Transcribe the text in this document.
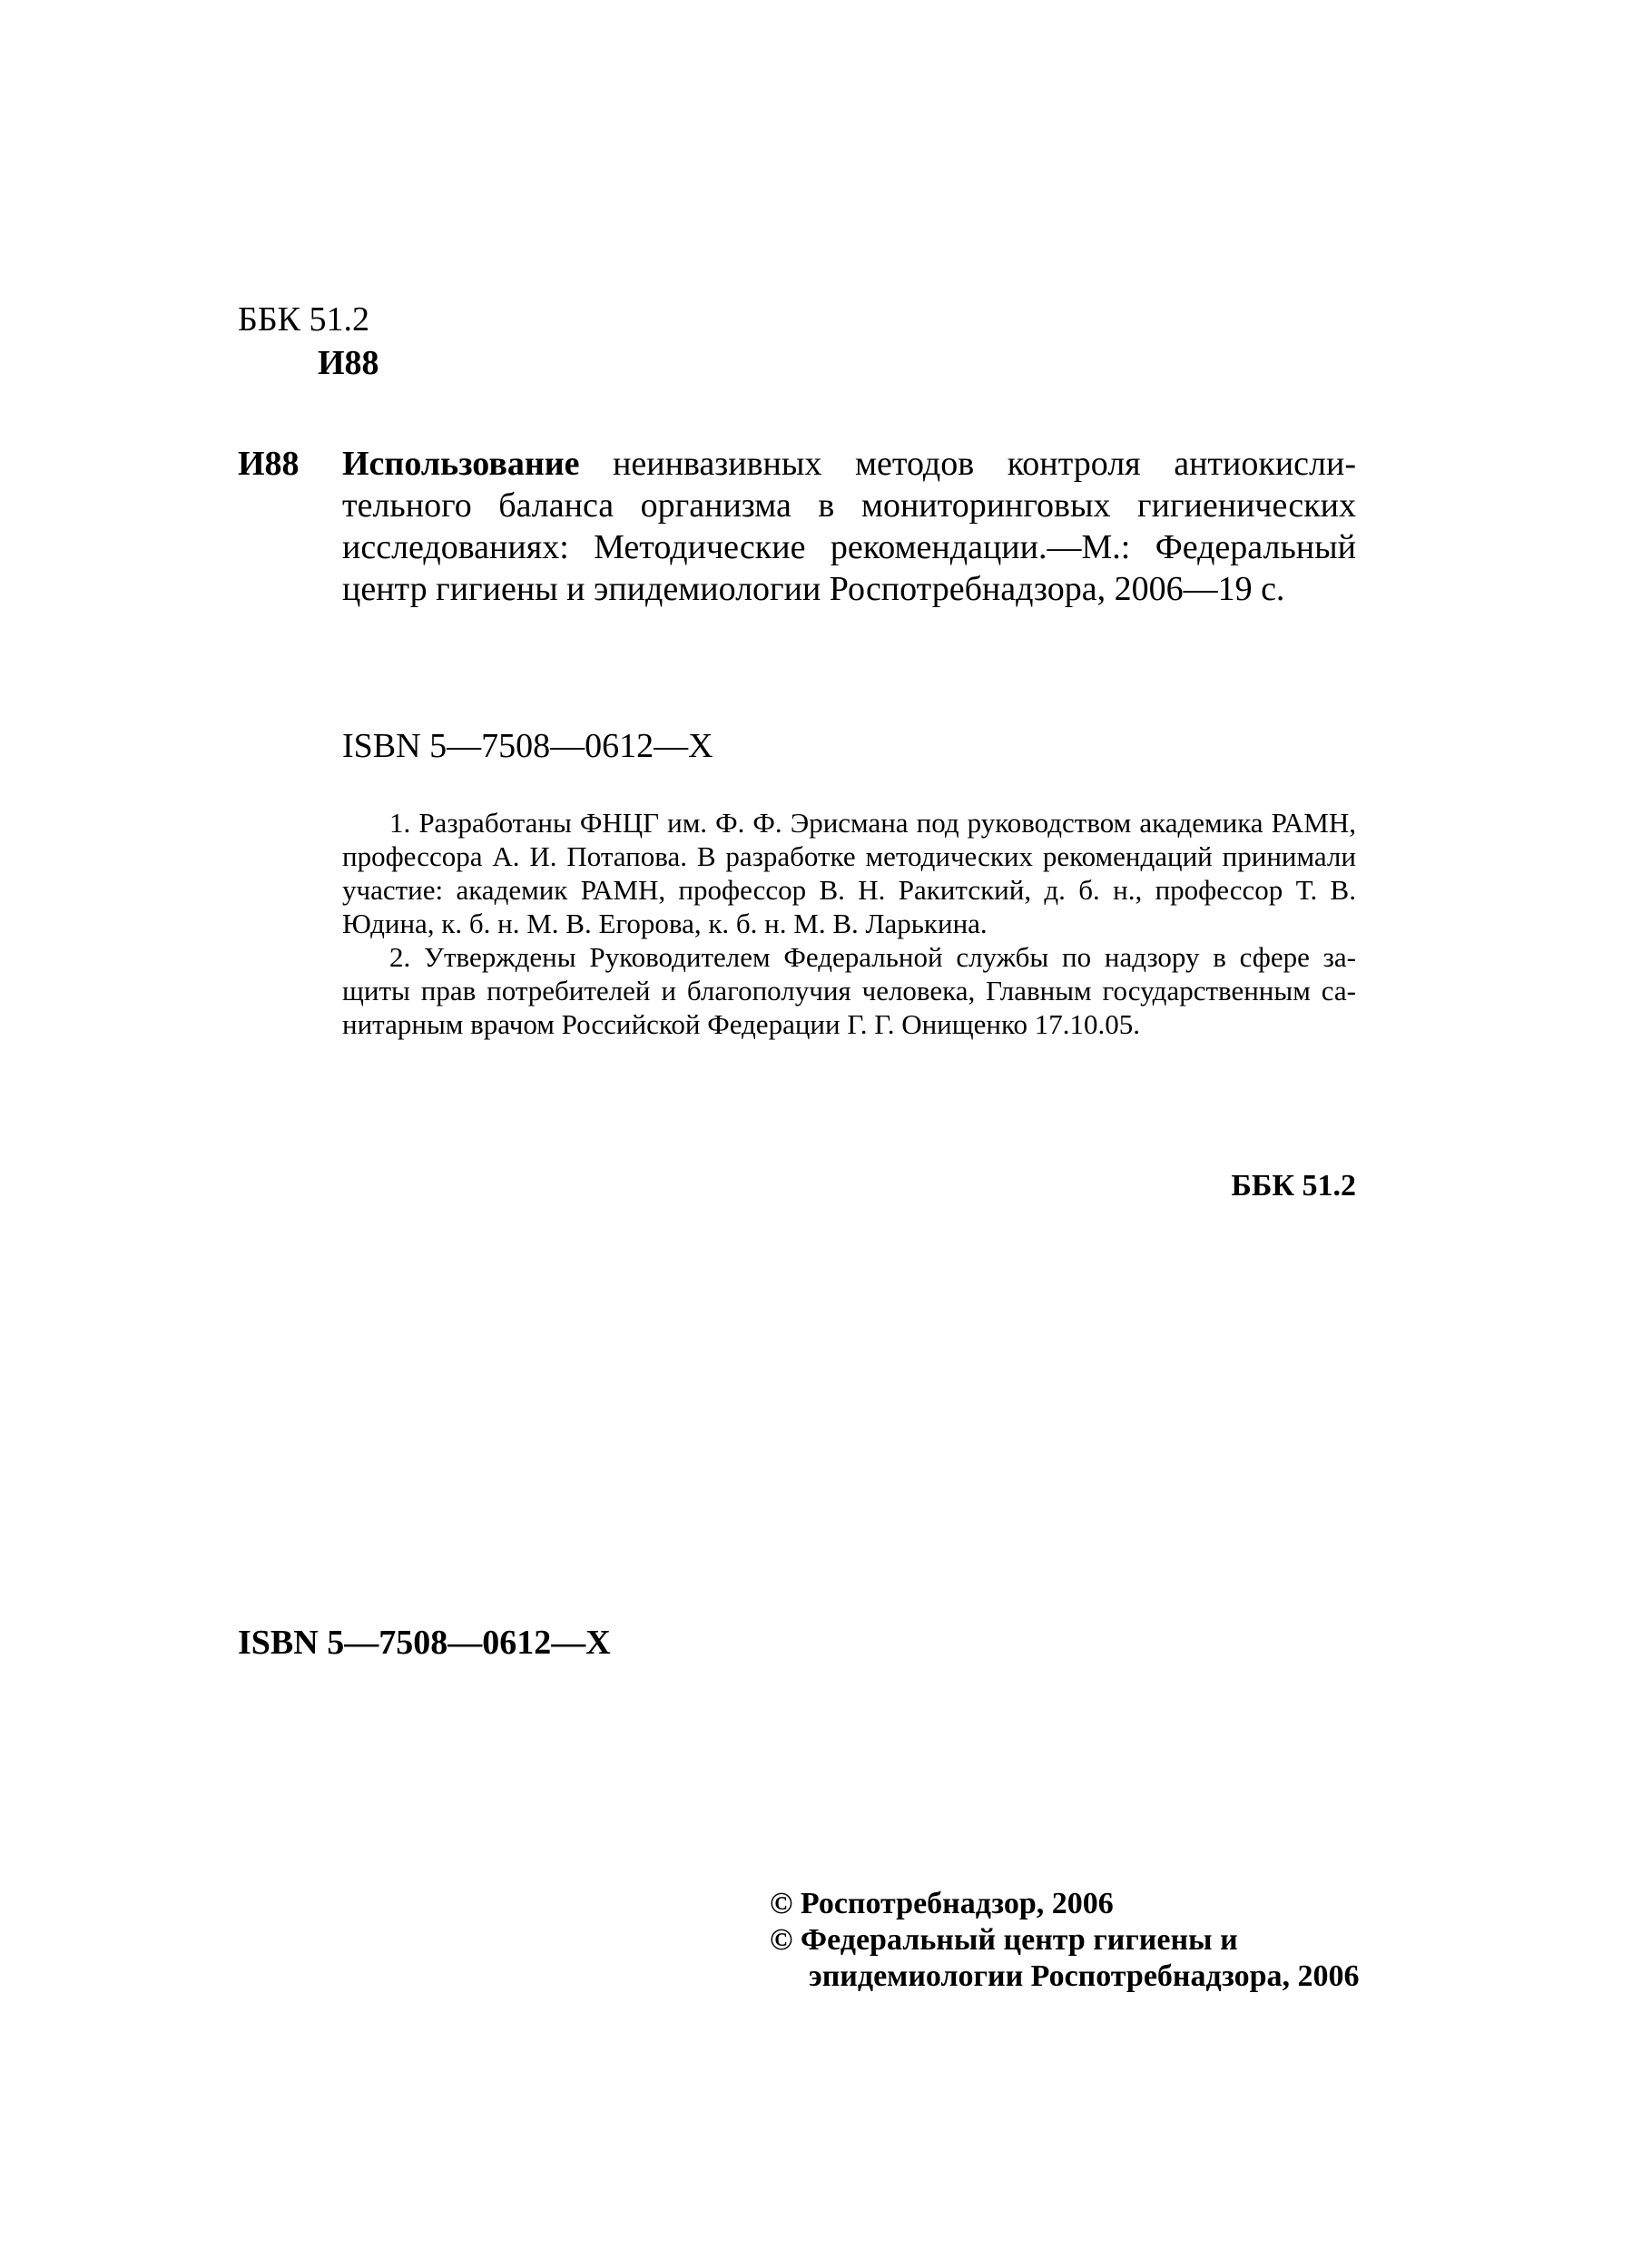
ББК 51.2
И88
И88 Использование неинвазивных методов контроля антиокислительного баланса организма в мониторинговых гигиенических исследованиях: Методические рекомендации.—М.: Федеральный центр гигиены и эпидемиологии Роспотребнадзора, 2006—19 с.
ISBN 5—7508—0612—X

1. Разработаны ФНЦГ им. Ф. Ф. Эрисмана под руководством академика РАМН, профессора А. И. Потапова. В разработке методических рекомендаций принимали участие: академик РАМН, профессор В. Н. Ракитский, д. б. н., профессор Т. В. Юдина, к. б. н. М. В. Егорова, к. б. н. М. В. Ларькина.

2. Утверждены Руководителем Федеральной службы по надзору в сфере защиты прав потребителей и благополучия человека, Главным государственным санитарным врачом Российской Федерации Г. Г. Онищенко 17.10.05.

ББК 51.2
ISBN 5—7508—0612—X
© Роспотребнадзор, 2006
© Федеральный центр гигиены и
эпидемиологии Роспотребнадзора, 2006
